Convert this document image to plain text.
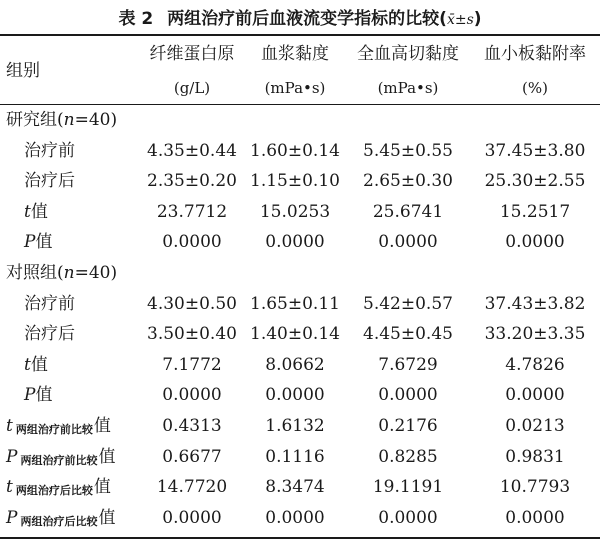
表 2 两组治疗前后血液流变学指标的比较(x̄±s)
组别
纤维蛋白原
(g/L)
血浆黏度
(mPa•s)
全血高切黏度
(mPa•s)
血小板黏附率
(%)
研究组(n=40)
治疗前	4.35±0.44 1.60±0.14 5.45±0.55 37.45±3.80
治疗后	2.35±0.20 1.15±0.10 2.65±0.30 25.30±2.55
t值	23.7712 15.0253	25.6741	15.2517
P值	0.0000	0.0000	0.0000	0.0000
对照组(n=40)
治疗前	4.30±0.50 1.65±0.11 5.42±0.57 37.43±3.82
治疗后	3.50±0.40 1.40±0.14 4.45±0.45 33.20±3.35
t值	7.1772	8.0662	7.6729	4.7826
P值	0.0000	0.0000	0.0000	0.0000
t两组治疗前比较值	0.4313	1.6132	0.2176	0.0213
P两组治疗前比较值	0.6677	0.1116	0.8285	0.9831
t两组治疗后比较值	14.7720 8.3474	19.1191	10.7793
P两组治疗后比较值	0.0000	0.0000	0.0000	0.0000
